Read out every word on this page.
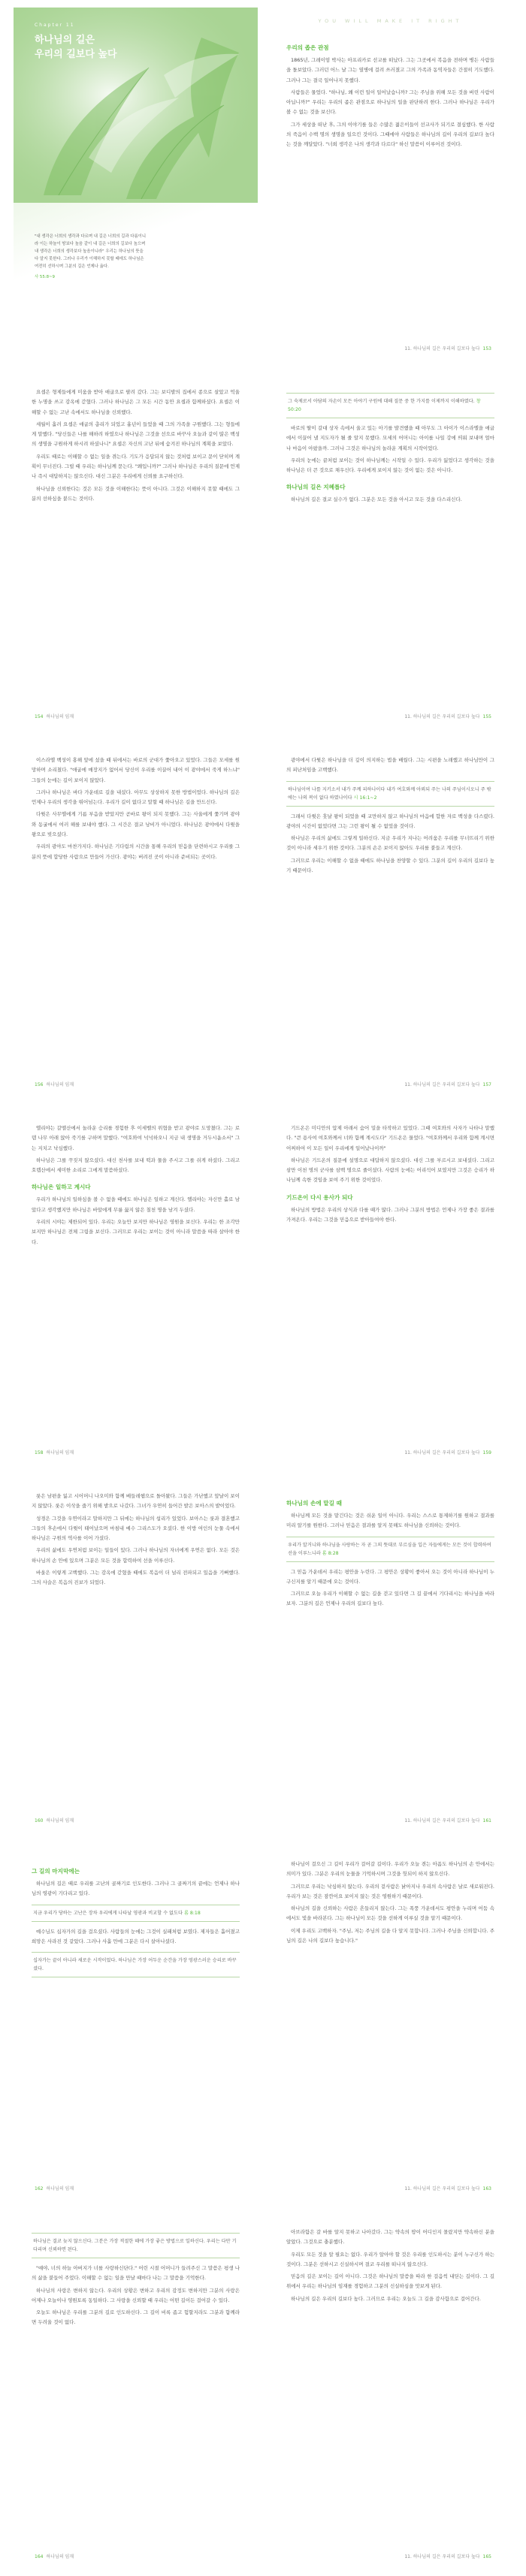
Chapter 11
하나님의 길은
우리의 길보다 높다
"내 생각은 너희의 생각과 다르며 내 길은 너희의 길과 다름이니라 이는 하늘이 땅보다 높음 같이 내 길은 너희의 길보다 높으며 내 생각은 너희의 생각보다 높음이니라" 우리는 하나님의 뜻을 다 알지 못한다. 그러나 우리가 이해하지 못할 때에도 하나님은 여전히 선하시며 그분의 길은 언제나 옳다.
사 55:8~9
YOU WILL MAKE IT RIGHT
우리의 좁은 관점
1865년, 그레이엄 박사는 아프리카로 선교를 떠났다. 그는 그곳에서 복음을 전하며 병든 사람들을 돌보았다. 그러던 어느 날 그는 열병에 걸려 쓰러졌고 그의 가족과 동역자들은 간절히 기도했다. 그러나 그는 결국 일어나지 못했다.
사람들은 물었다. "하나님, 왜 이런 일이 일어났습니까? 그는 주님을 위해 모든 것을 버린 사람이 아닙니까?" 우리는 우리의 좁은 관점으로 하나님의 일을 판단하려 한다. 그러나 하나님은 우리가 볼 수 없는 것을 보신다.
그가 세상을 떠난 후, 그의 이야기를 들은 수많은 젊은이들이 선교사가 되기로 결심했다. 한 사람의 죽음이 수백 명의 생명을 일으킨 것이다. 그때에야 사람들은 하나님의 길이 우리의 길보다 높다는 것을 깨달았다. "너희 생각은 나의 생각과 다르다" 하신 말씀이 이루어진 것이다.
11. 하나님의 길은 우리의 길보다 높다 153
요셉은 형제들에게 미움을 받아 애굽으로 팔려 갔다. 그는 보디발의 집에서 종으로 살았고 억울한 누명을 쓰고 감옥에 갇혔다. 그러나 하나님은 그 모든 시간 동안 요셉과 함께하셨다. 요셉은 이해할 수 없는 고난 속에서도 하나님을 신뢰했다.
세월이 흘러 요셉은 애굽의 총리가 되었고 흉년이 들었을 때 그의 가족을 구원했다. 그는 형들에게 말했다. "당신들은 나를 해하려 하였으나 하나님은 그것을 선으로 바꾸사 오늘과 같이 많은 백성의 생명을 구원하게 하시려 하셨나니" 요셉은 자신의 고난 뒤에 숨겨진 하나님의 계획을 보았다.
우리도 때로는 이해할 수 없는 일을 겪는다. 기도가 응답되지 않는 것처럼 보이고 문이 닫히며 계획이 무너진다. 그럴 때 우리는 하나님께 묻는다. "왜입니까?" 그러나 하나님은 우리의 질문에 언제나 즉시 대답하지는 않으신다. 대신 그분은 우리에게 신뢰를 요구하신다.
하나님을 신뢰한다는 것은 모든 것을 이해한다는 뜻이 아니다. 그것은 이해하지 못할 때에도 그분의 선하심을 붙드는 것이다.
154 하나님의 임재
그 숙제로서 아담의 자손이 모든 아야기 구원에 대해 질문 중 한 가지를 이제까지 이해하였다. 창 50:20
바로의 딸이 갈대 상자 속에서 울고 있는 아기를 발견했을 때 아무도 그 아이가 이스라엘을 애굽에서 이끌어 낼 지도자가 될 줄 알지 못했다. 모세의 어머니는 아이를 나일 강에 띄워 보내며 얼마나 마음이 아팠을까. 그러나 그것은 하나님의 놀라운 계획의 시작이었다.
우리의 눈에는 끝처럼 보이는 것이 하나님께는 시작일 수 있다. 우리가 잃었다고 생각하는 것을 하나님은 더 큰 것으로 채우신다. 우리에게 보이지 않는 것이 없는 것은 아니다.
하나님의 길은 지혜롭다
하나님의 길은 결코 실수가 없다. 그분은 모든 것을 아시고 모든 것을 다스리신다.
11. 하나님의 길은 우리의 길보다 높다 155
이스라엘 백성이 홍해 앞에 섰을 때 뒤에서는 바로의 군대가 쫓아오고 있었다. 그들은 모세를 원망하며 소리쳤다. "애굽에 매장지가 없어서 당신이 우리를 이끌어 내어 이 광야에서 죽게 하느냐" 그들의 눈에는 길이 보이지 않았다.
그러나 하나님은 바다 가운데로 길을 내셨다. 아무도 상상하지 못한 방법이었다. 하나님의 길은 언제나 우리의 생각을 뛰어넘는다. 우리가 길이 없다고 말할 때 하나님은 길을 만드신다.
다윗은 사무엘에게 기름 부음을 받았지만 곧바로 왕이 되지 못했다. 그는 사울에게 쫓기며 광야와 동굴에서 여러 해를 보내야 했다. 그 시간은 결코 낭비가 아니었다. 하나님은 광야에서 다윗을 왕으로 빚으셨다.
우리의 광야도 마찬가지다. 하나님은 기다림의 시간을 통해 우리의 믿음을 단련하시고 우리를 그분의 뜻에 합당한 사람으로 만들어 가신다. 광야는 버려진 곳이 아니라 준비되는 곳이다.
156 하나님의 임재
광야에서 다윗은 하나님을 더 깊이 의지하는 법을 배웠다. 그는 시편을 노래했고 하나님만이 그의 피난처임을 고백했다.
하나님이여 나를 지키소서 내가 주께 피하나이다 내가 여호와께 아뢰되 주는 나의 주님이시오니 주 밖에는 나의 복이 없다 하였나이다 시 16:1~2
그래서 다윗은 훗날 왕이 되었을 때 교만하지 않고 하나님의 마음에 합한 자로 백성을 다스렸다. 광야의 시간이 없었다면 그는 그런 왕이 될 수 없었을 것이다.
하나님은 우리의 삶에도 그렇게 일하신다. 지금 우리가 지나는 어려움은 우리를 무너뜨리기 위한 것이 아니라 세우기 위한 것이다. 그분의 손은 보이지 않아도 우리를 붙들고 계신다.
그러므로 우리는 이해할 수 없을 때에도 하나님을 찬양할 수 있다. 그분의 길이 우리의 길보다 높기 때문이다.
11. 하나님의 길은 우리의 길보다 높다 157
엘리야는 갈멜산에서 놀라운 승리를 경험한 후 이세벨의 위협을 받고 광야로 도망쳤다. 그는 로뎀 나무 아래 앉아 죽기를 구하며 말했다. "여호와여 넉넉하오니 지금 내 생명을 거두시옵소서" 그는 지치고 낙심했다.
하나님은 그를 꾸짖지 않으셨다. 대신 천사를 보내 떡과 물을 주시고 그를 쉬게 하셨다. 그리고 호렙산에서 세미한 소리로 그에게 말씀하셨다.
하나님은 일하고 계시다
우리가 하나님의 일하심을 볼 수 없을 때에도 하나님은 일하고 계신다. 엘리야는 자신만 홀로 남았다고 생각했지만 하나님은 바알에게 무릎 꿇지 않은 칠천 명을 남겨 두셨다.
우리의 시야는 제한되어 있다. 우리는 오늘만 보지만 하나님은 영원을 보신다. 우리는 한 조각만 보지만 하나님은 전체 그림을 보신다. 그러므로 우리는 보이는 것이 아니라 말씀을 따라 살아야 한다.
158 하나님의 임재
기드온은 미디안의 압제 아래서 숨어 밀을 타작하고 있었다. 그때 여호와의 사자가 나타나 말했다. "큰 용사여 여호와께서 너와 함께 계시도다" 기드온은 물었다. "여호와께서 우리와 함께 계시면 어찌하여 이 모든 일이 우리에게 일어났나이까"
하나님은 기드온의 질문에 설명으로 대답하지 않으셨다. 대신 그를 부르시고 보내셨다. 그리고 삼만 이천 명의 군사를 삼백 명으로 줄이셨다. 사람의 눈에는 어리석어 보였지만 그것은 승리가 하나님께 속한 것임을 보여 주기 위한 것이었다.
기드온이 다시 용사가 되다
하나님의 방법은 우리의 상식과 다를 때가 많다. 그러나 그분의 방법은 언제나 가장 좋은 결과를 가져온다. 우리는 그것을 믿음으로 받아들여야 한다.
11. 하나님의 길은 우리의 길보다 높다 159
룻은 남편을 잃고 시어머니 나오미와 함께 베들레헴으로 돌아왔다. 그들은 가난했고 앞날이 보이지 않았다. 룻은 이삭을 줍기 위해 밭으로 나갔다. 그녀가 우연히 들어간 밭은 보아스의 밭이었다.
성경은 그것을 우연이라고 말하지만 그 뒤에는 하나님의 섭리가 있었다. 보아스는 룻과 결혼했고 그들의 후손에서 다윗이 태어났으며 마침내 예수 그리스도가 오셨다. 한 이방 여인의 눈물 속에서 하나님은 구원의 역사를 이어 가셨다.
우리의 삶에도 우연처럼 보이는 일들이 있다. 그러나 하나님의 자녀에게 우연은 없다. 모든 것은 하나님의 손 안에 있으며 그분은 모든 것을 합력하여 선을 이루신다.
바울은 이렇게 고백했다. 그는 감옥에 갇혔을 때에도 복음이 더 널리 전파되고 있음을 기뻐했다. 그의 사슬은 복음의 진보가 되었다.
160 하나님의 임재
하나님의 손에 맡길 때
하나님께 모든 것을 맡긴다는 것은 쉬운 일이 아니다. 우리는 스스로 통제하기를 원하고 결과를 미리 알기를 원한다. 그러나 믿음은 결과를 알지 못해도 하나님을 신뢰하는 것이다.
우리가 알거니와 하나님을 사랑하는 자 곧 그의 뜻대로 부르심을 입은 자들에게는 모든 것이 합력하여 선을 이루느니라 롬 8:28
그 믿음 가운데서 우리는 평안을 누린다. 그 평안은 상황이 좋아서 오는 것이 아니라 하나님이 누구신지를 알기 때문에 오는 것이다.
그러므로 오늘 우리가 이해할 수 없는 길을 걷고 있다면 그 길 끝에서 기다리시는 하나님을 바라보자. 그분의 길은 언제나 우리의 길보다 높다.
11. 하나님의 길은 우리의 길보다 높다 161
그 길의 마지막에는
하나님의 길은 때로 우리를 고난의 골짜기로 인도한다. 그러나 그 골짜기의 끝에는 언제나 하나님의 영광이 기다리고 있다.
지금 우리가 당하는 고난은 장차 우리에게 나타날 영광과 비교할 수 없도다 롬 8:18
예수님도 십자가의 길을 걸으셨다. 사람들의 눈에는 그것이 실패처럼 보였다. 제자들은 흩어졌고 희망은 사라진 것 같았다. 그러나 사흘 만에 그분은 다시 살아나셨다.
십자가는 끝이 아니라 새로운 시작이었다. 하나님은 가장 어두운 순간을 가장 영광스러운 승리로 바꾸셨다.
162 하나님의 임재
하나님이 걸으신 그 길이 우리가 걸어갈 길이다. 우리가 오늘 겪는 아픔도 하나님의 손 안에서는 의미가 있다. 그분은 우리의 눈물을 기억하시며 그것을 헛되이 하지 않으신다.
그러므로 우리는 낙심하지 않는다. 우리의 겉사람은 낡아지나 우리의 속사람은 날로 새로워진다. 우리가 보는 것은 잠깐이요 보이지 않는 것은 영원하기 때문이다.
하나님의 길을 신뢰하는 사람은 흔들리지 않는다. 그는 폭풍 가운데서도 평안을 누리며 어둠 속에서도 빛을 바라본다. 그는 하나님이 모든 것을 선하게 이루실 것을 알기 때문이다.
이제 우리도 고백하자. "주님, 저는 주님의 길을 다 알지 못합니다. 그러나 주님을 신뢰합니다. 주님의 길은 나의 길보다 높습니다."
11. 하나님의 길은 우리의 길보다 높다 163
하나님은 결코 늦지 않으신다. 그분은 가장 적절한 때에 가장 좋은 방법으로 일하신다. 우리는 다만 기다리며 신뢰하면 된다.
"얘야, 너의 하늘 아버지가 너를 사랑하신단다." 어린 시절 어머니가 들려주신 그 말씀은 평생 나의 삶을 붙들어 주었다. 이해할 수 없는 일을 만날 때마다 나는 그 말씀을 기억한다.
하나님의 사랑은 변하지 않는다. 우리의 상황은 변하고 우리의 감정도 변하지만 그분의 사랑은 어제나 오늘이나 영원토록 동일하다. 그 사랑을 신뢰할 때 우리는 어떤 길이든 걸어갈 수 있다.
오늘도 하나님은 우리를 그분의 길로 인도하신다. 그 길이 비록 좁고 험할지라도 그분과 함께라면 두려울 것이 없다.
164 하나님의 임재
아브라함은 갈 바를 알지 못하고 나아갔다. 그는 약속의 땅이 어디인지 몰랐지만 약속하신 분을 알았다. 그것으로 충분했다.
우리도 모든 것을 알 필요는 없다. 우리가 알아야 할 것은 우리를 인도하시는 분이 누구신가 하는 것이다. 그분은 선하시고 신실하시며 결코 우리를 떠나지 않으신다.
믿음의 길은 보이는 길이 아니다. 그것은 하나님의 말씀을 따라 한 걸음씩 내딛는 길이다. 그 길 위에서 우리는 하나님의 임재를 경험하고 그분의 신실하심을 맛보게 된다.
하나님의 길은 우리의 길보다 높다. 그러므로 우리는 오늘도 그 길을 감사함으로 걸어간다.
11. 하나님의 길은 우리의 길보다 높다 165
